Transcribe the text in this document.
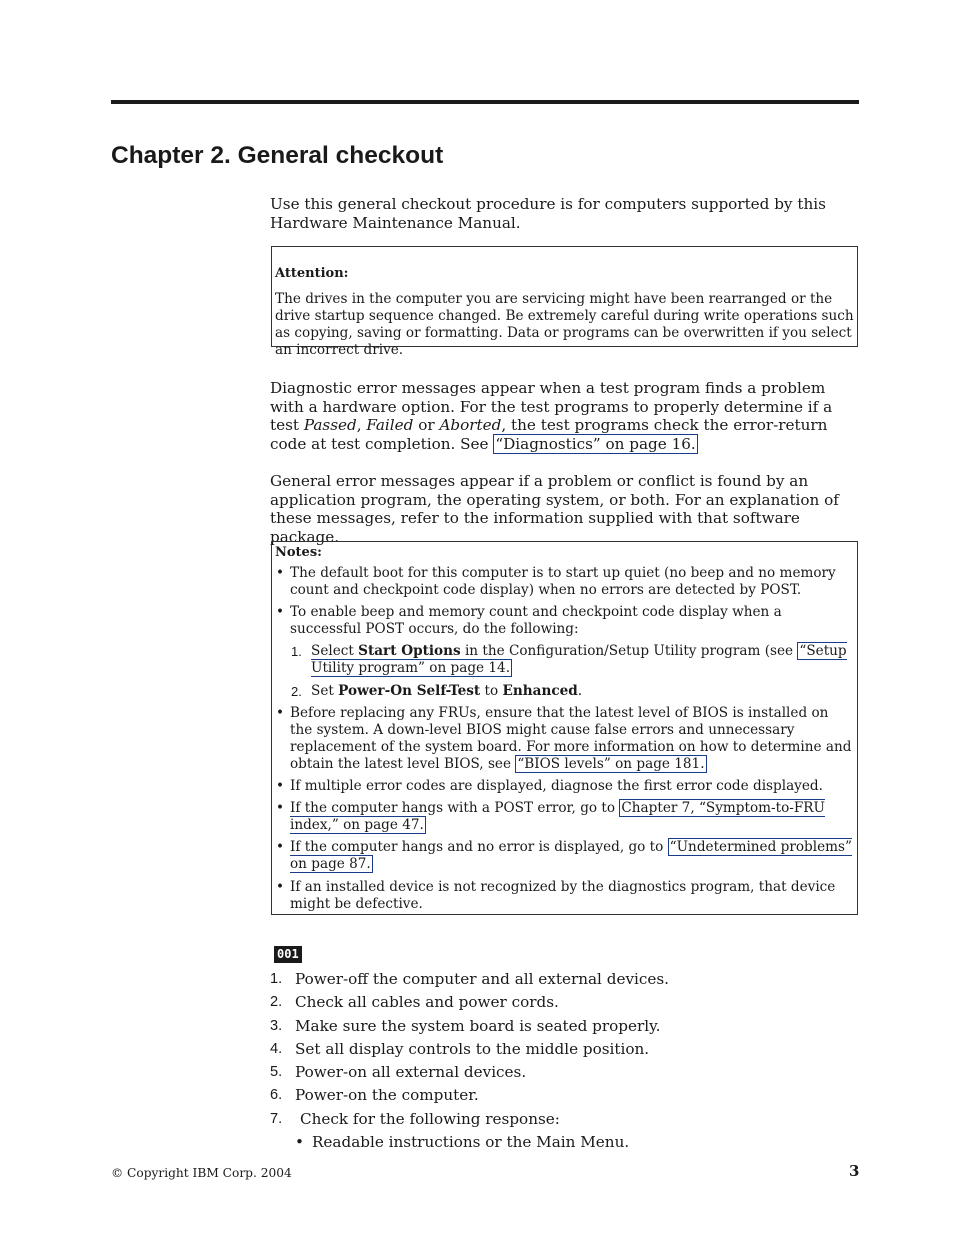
Chapter 2. General checkout

Use this general checkout procedure is for computers supported by this Hardware Maintenance Manual.

Attention:
The drives in the computer you are servicing might have been rearranged or the drive startup sequence changed. Be extremely careful during write operations such as copying, saving or formatting. Data or programs can be overwritten if you select an incorrect drive.

Diagnostic error messages appear when a test program finds a problem with a hardware option. For the test programs to properly determine if a test Passed, Failed or Aborted, the test programs check the error-return code at test completion. See “Diagnostics” on page 16.

General error messages appear if a problem or conflict is found by an application program, the operating system, or both. For an explanation of these messages, refer to the information supplied with that software package.

Notes:
• The default boot for this computer is to start up quiet (no beep and no memory count and checkpoint code display) when no errors are detected by POST.
• To enable beep and memory count and checkpoint code display when a successful POST occurs, do the following:
1. Select Start Options in the Configuration/Setup Utility program (see “Setup Utility program” on page 14.
2. Set Power-On Self-Test to Enhanced.
• Before replacing any FRUs, ensure that the latest level of BIOS is installed on the system. A down-level BIOS might cause false errors and unnecessary replacement of the system board. For more information on how to determine and obtain the latest level BIOS, see “BIOS levels” on page 181.
• If multiple error codes are displayed, diagnose the first error code displayed.
• If the computer hangs with a POST error, go to Chapter 7, “Symptom-to-FRU index,” on page 47.
• If the computer hangs and no error is displayed, go to “Undetermined problems” on page 87.
• If an installed device is not recognized by the diagnostics program, that device might be defective.
001
1. Power-off the computer and all external devices.
2. Check all cables and power cords.
3. Make sure the system board is seated properly.
4. Set all display controls to the middle position.
5. Power-on all external devices.
6. Power-on the computer.
7. Check for the following response:
• Readable instructions or the Main Menu.
© Copyright IBM Corp. 2004	3
